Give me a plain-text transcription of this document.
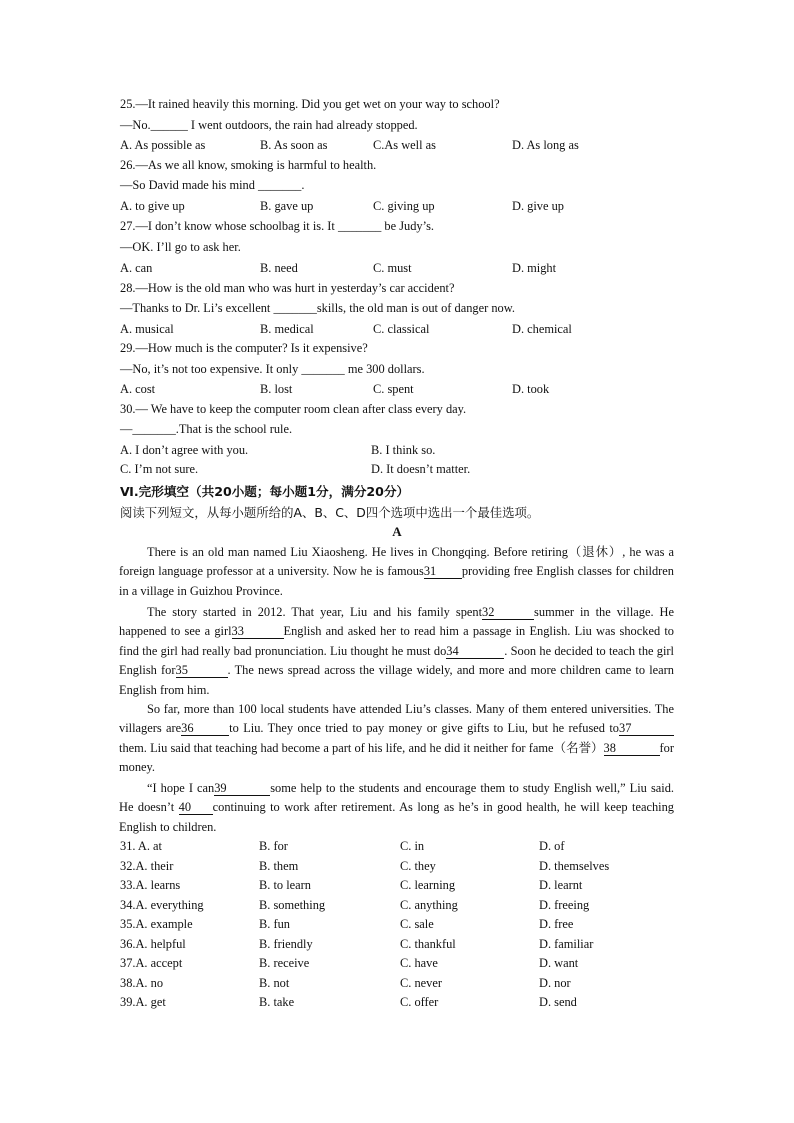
25.—It rained heavily this morning. Did you get wet on your way to school?
—No.______ I went outdoors, the rain had already stopped.
A. As possible as	B. As soon as	C.As well as	D. As long as
26.—As we all know, smoking is harmful to health.
—So David made his mind _______.
A. to give up	B. gave up	C. giving up	D. give up
27.—I don’t know whose schoolbag it is. It _______ be Judy’s.
—OK. I’ll go to ask her.
A. can	B. need	C. must	D. might
28.—How is the old man who was hurt in yesterday’s car accident?
—Thanks to Dr. Li’s excellent _______skills, the old man is out of danger now.
A. musical	B. medical	C. classical	D. chemical
29.—How much is the computer? Is it expensive?
—No, it’s not too expensive. It only _______ me 300 dollars.
A. cost	B. lost	C. spent	D. took
30.— We have to keep the computer room clean after class every day.
—_______.That is the school rule.
A. I don’t agree with you.	B. I think so.
C. I’m not sure.	D. It doesn’t matter.
Ⅵ.完形填空（共20小题；每小题1分，满分20分）
阅读下列短文，从每小题所给的A、B、C、D四个选项中选出一个最佳选项。
A
There is an old man named Liu Xiaosheng. He lives in Chongqing. Before retiring（退休）, he was a foreign language professor at a university. Now he is famous31 providing free English classes for children in a village in Guizhou Province.
The story started in 2012. That year, Liu and his family spent32	summer in the village. He happened to see a girl33	English and asked her to read him a passage in English. Liu was shocked to find the girl had really bad pronunciation. Liu thought he must do34	. Soon he decided to teach the girl English for35	. The news spread across the village widely, and more and more children came to learn English from him.
So far, more than 100 local students have attended Liu’s classes. Many of them entered universities. The villagers are36	to Liu. They once tried to pay money or give gifts to Liu, but he refused to37them. Liu said that teaching had become a part of his life, and he did it neither for fame（名誉）38	for money.
“I hope I can39	some help to the students and encourage them to study English well,” Liu said. He doesn’t 40 continuing to work after retirement. As long as he’s in good health, he will keep teaching English to children.
31. A. at	B. for	C. in	D. of
32.A. their	B. them	C. they	D. themselves
33.A. learns	B. to learn	C. learning	D. learnt
34.A. everything	B. something	C. anything	D. freeing
35.A. example	B. fun	C. sale	D. free
36.A. helpful	B. friendly	C. thankful	D. familiar
37.A. accept	B. receive	C. have	D. want
38.A. no	B. not	C. never	D. nor
39.A. get	B. take	C. offer	D. send
